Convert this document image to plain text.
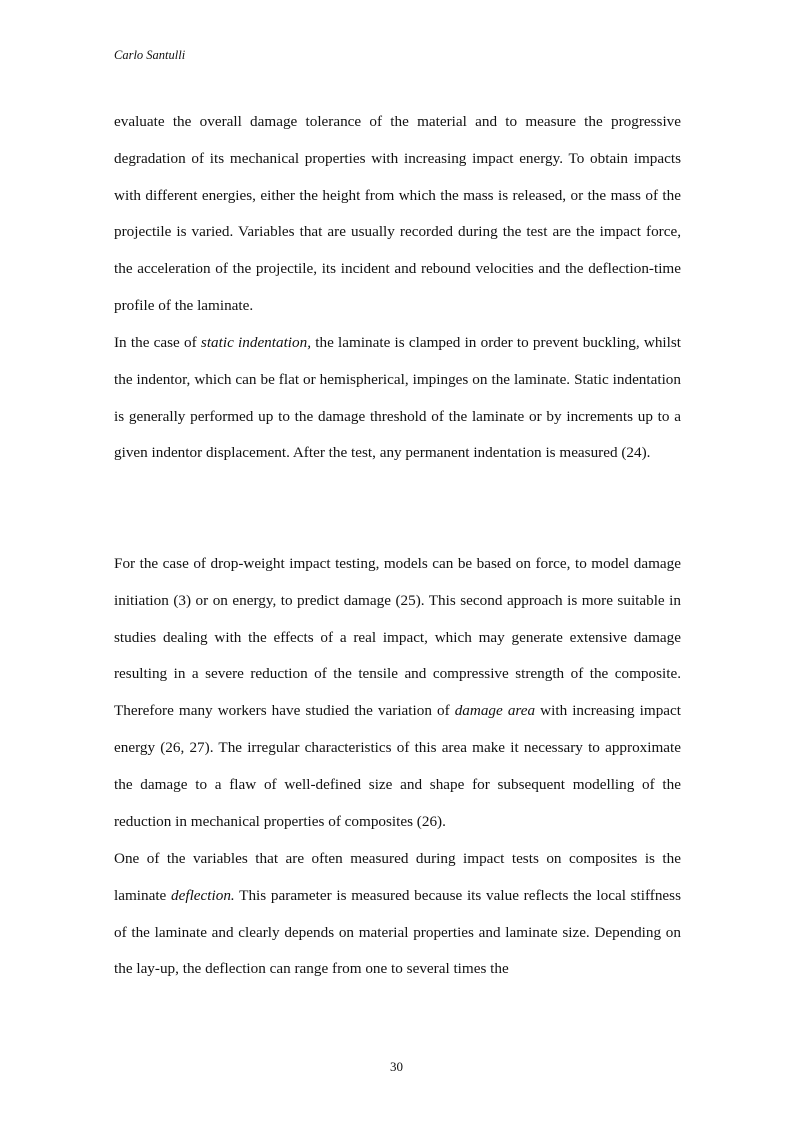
Carlo Santulli

evaluate the overall damage tolerance of the material and to measure the progressive degradation of its mechanical properties with increasing impact energy. To obtain impacts with different energies, either the height from which the mass is released, or the mass of the projectile is varied. Variables that are usually recorded during the test are the impact force, the acceleration of the projectile, its incident and rebound velocities and the deflection-time profile of the laminate.

In the case of static indentation, the laminate is clamped in order to prevent buckling, whilst the indentor, which can be flat or hemispherical, impinges on the laminate. Static indentation is generally performed up to the damage threshold of the laminate or by increments up to a given indentor displacement. After the test, any permanent indentation is measured (24).

For the case of drop-weight impact testing, models can be based on force, to model damage initiation (3) or on energy, to predict damage (25). This second approach is more suitable in studies dealing with the effects of a real impact, which may generate extensive damage resulting in a severe reduction of the tensile and compressive strength of the composite. Therefore many workers have studied the variation of damage area with increasing impact energy (26, 27). The irregular characteristics of this area make it necessary to approximate the damage to a flaw of well-defined size and shape for subsequent modelling of the reduction in mechanical properties of composites (26).

One of the variables that are often measured during impact tests on composites is the laminate deflection. This parameter is measured because its value reflects the local stiffness of the laminate and clearly depends on material properties and laminate size. Depending on the lay-up, the deflection can range from one to several times the

30
